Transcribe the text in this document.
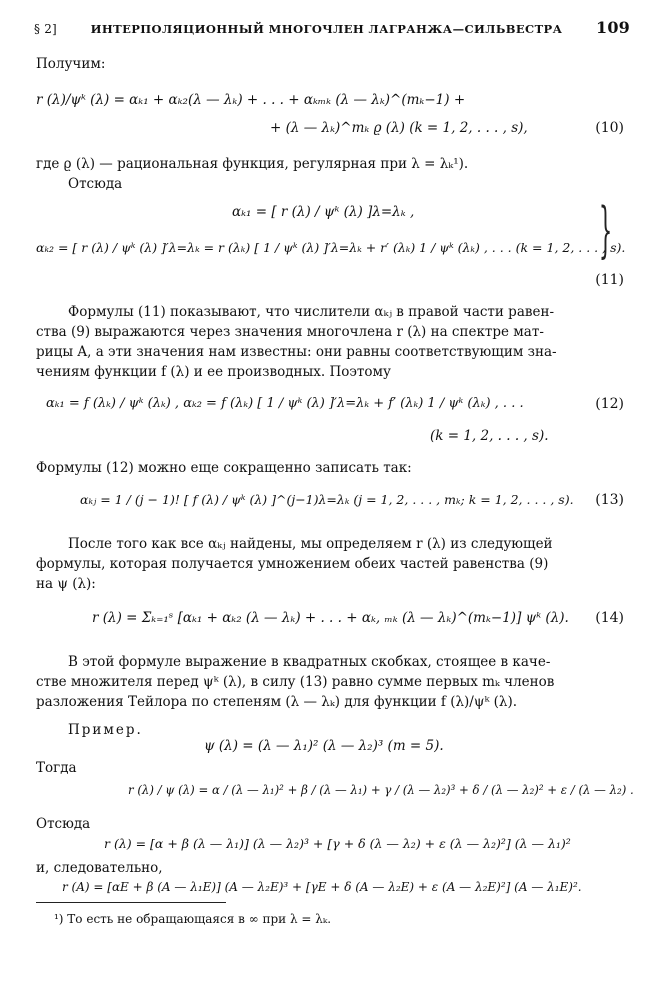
§ 2]	ИНТЕРПОЛЯЦИОННЫЙ МНОГОЧЛЕН ЛАГРАНЖА—СИЛЬВЕСТРА 109
Получим:
r (λ)/ψᵏ (λ) = αₖ₁ + αₖ₂(λ — λₖ) + . . . + αₖₘₖ (λ — λₖ)^(mₖ−1) +
+ (λ — λₖ)^mₖ ϱ (λ) (k = 1, 2, . . . , s),	(10)
где ϱ (λ) — рациональная функция, регулярная при λ = λₖ¹).
Отсюда
αₖ₁ = [ r (λ) / ψᵏ (λ) ]λ=λₖ ,
αₖ₂ = [ r (λ) / ψᵏ (λ) ]′λ=λₖ = r (λₖ) [ 1 / ψᵏ (λ) ]′λ=λₖ + r′ (λₖ) 1 / ψᵏ (λₖ) , . . . (k = 1, 2, . . . , s).
}
(11)
Формулы (11) показывают, что числители αₖⱼ в правой части равен-
ства (9) выражаются через значения многочлена r (λ) на спектре мат-
рицы A, а эти значения нам известны: они равны соответствующим зна-
чениям функции f (λ) и ее производных. Поэтому
αₖ₁ = f (λₖ) / ψᵏ (λₖ) , αₖ₂ = f (λₖ) [ 1 / ψᵏ (λ) ]′λ=λₖ + f′ (λₖ) 1 / ψᵏ (λₖ) , . . .	(12)
(k = 1, 2, . . . , s).
Формулы (12) можно еще сокращенно записать так:
αₖⱼ = 1 / (j − 1)! [ f (λ) / ψᵏ (λ) ]^(j−1)λ=λₖ (j = 1, 2, . . . , mₖ; k = 1, 2, . . . , s). (13)
После того как все αₖⱼ найдены, мы определяем r (λ) из следующей
формулы, которая получается умножением обеих частей равенства (9)
на ψ (λ):
r (λ) = Σₖ₌₁ˢ [αₖ₁ + αₖ₂ (λ — λₖ) + . . . + αₖ, ₘₖ (λ — λₖ)^(mₖ−1)] ψᵏ (λ). (14)
В этой формуле выражение в квадратных скобках, стоящее в каче-
стве множителя перед ψᵏ (λ), в силу (13) равно сумме первых mₖ членов
разложения Тейлора по степеням (λ — λₖ) для функции f (λ)/ψᵏ (λ).
Пример.
ψ (λ) = (λ — λ₁)² (λ — λ₂)³ (m = 5).
Тогда
r (λ) / ψ (λ) = α / (λ — λ₁)² + β / (λ — λ₁) + γ / (λ — λ₂)³ + δ / (λ — λ₂)² + ε / (λ — λ₂) .
Отсюда
r (λ) = [α + β (λ — λ₁)] (λ — λ₂)³ + [γ + δ (λ — λ₂) + ε (λ — λ₂)²] (λ — λ₁)²
и, следовательно,
r (A) = [αE + β (A — λ₁E)] (A — λ₂E)³ + [γE + δ (A — λ₂E) + ε (A — λ₂E)²] (A — λ₁E)².
¹) То есть не обращающаяся в ∞ при λ = λₖ.
